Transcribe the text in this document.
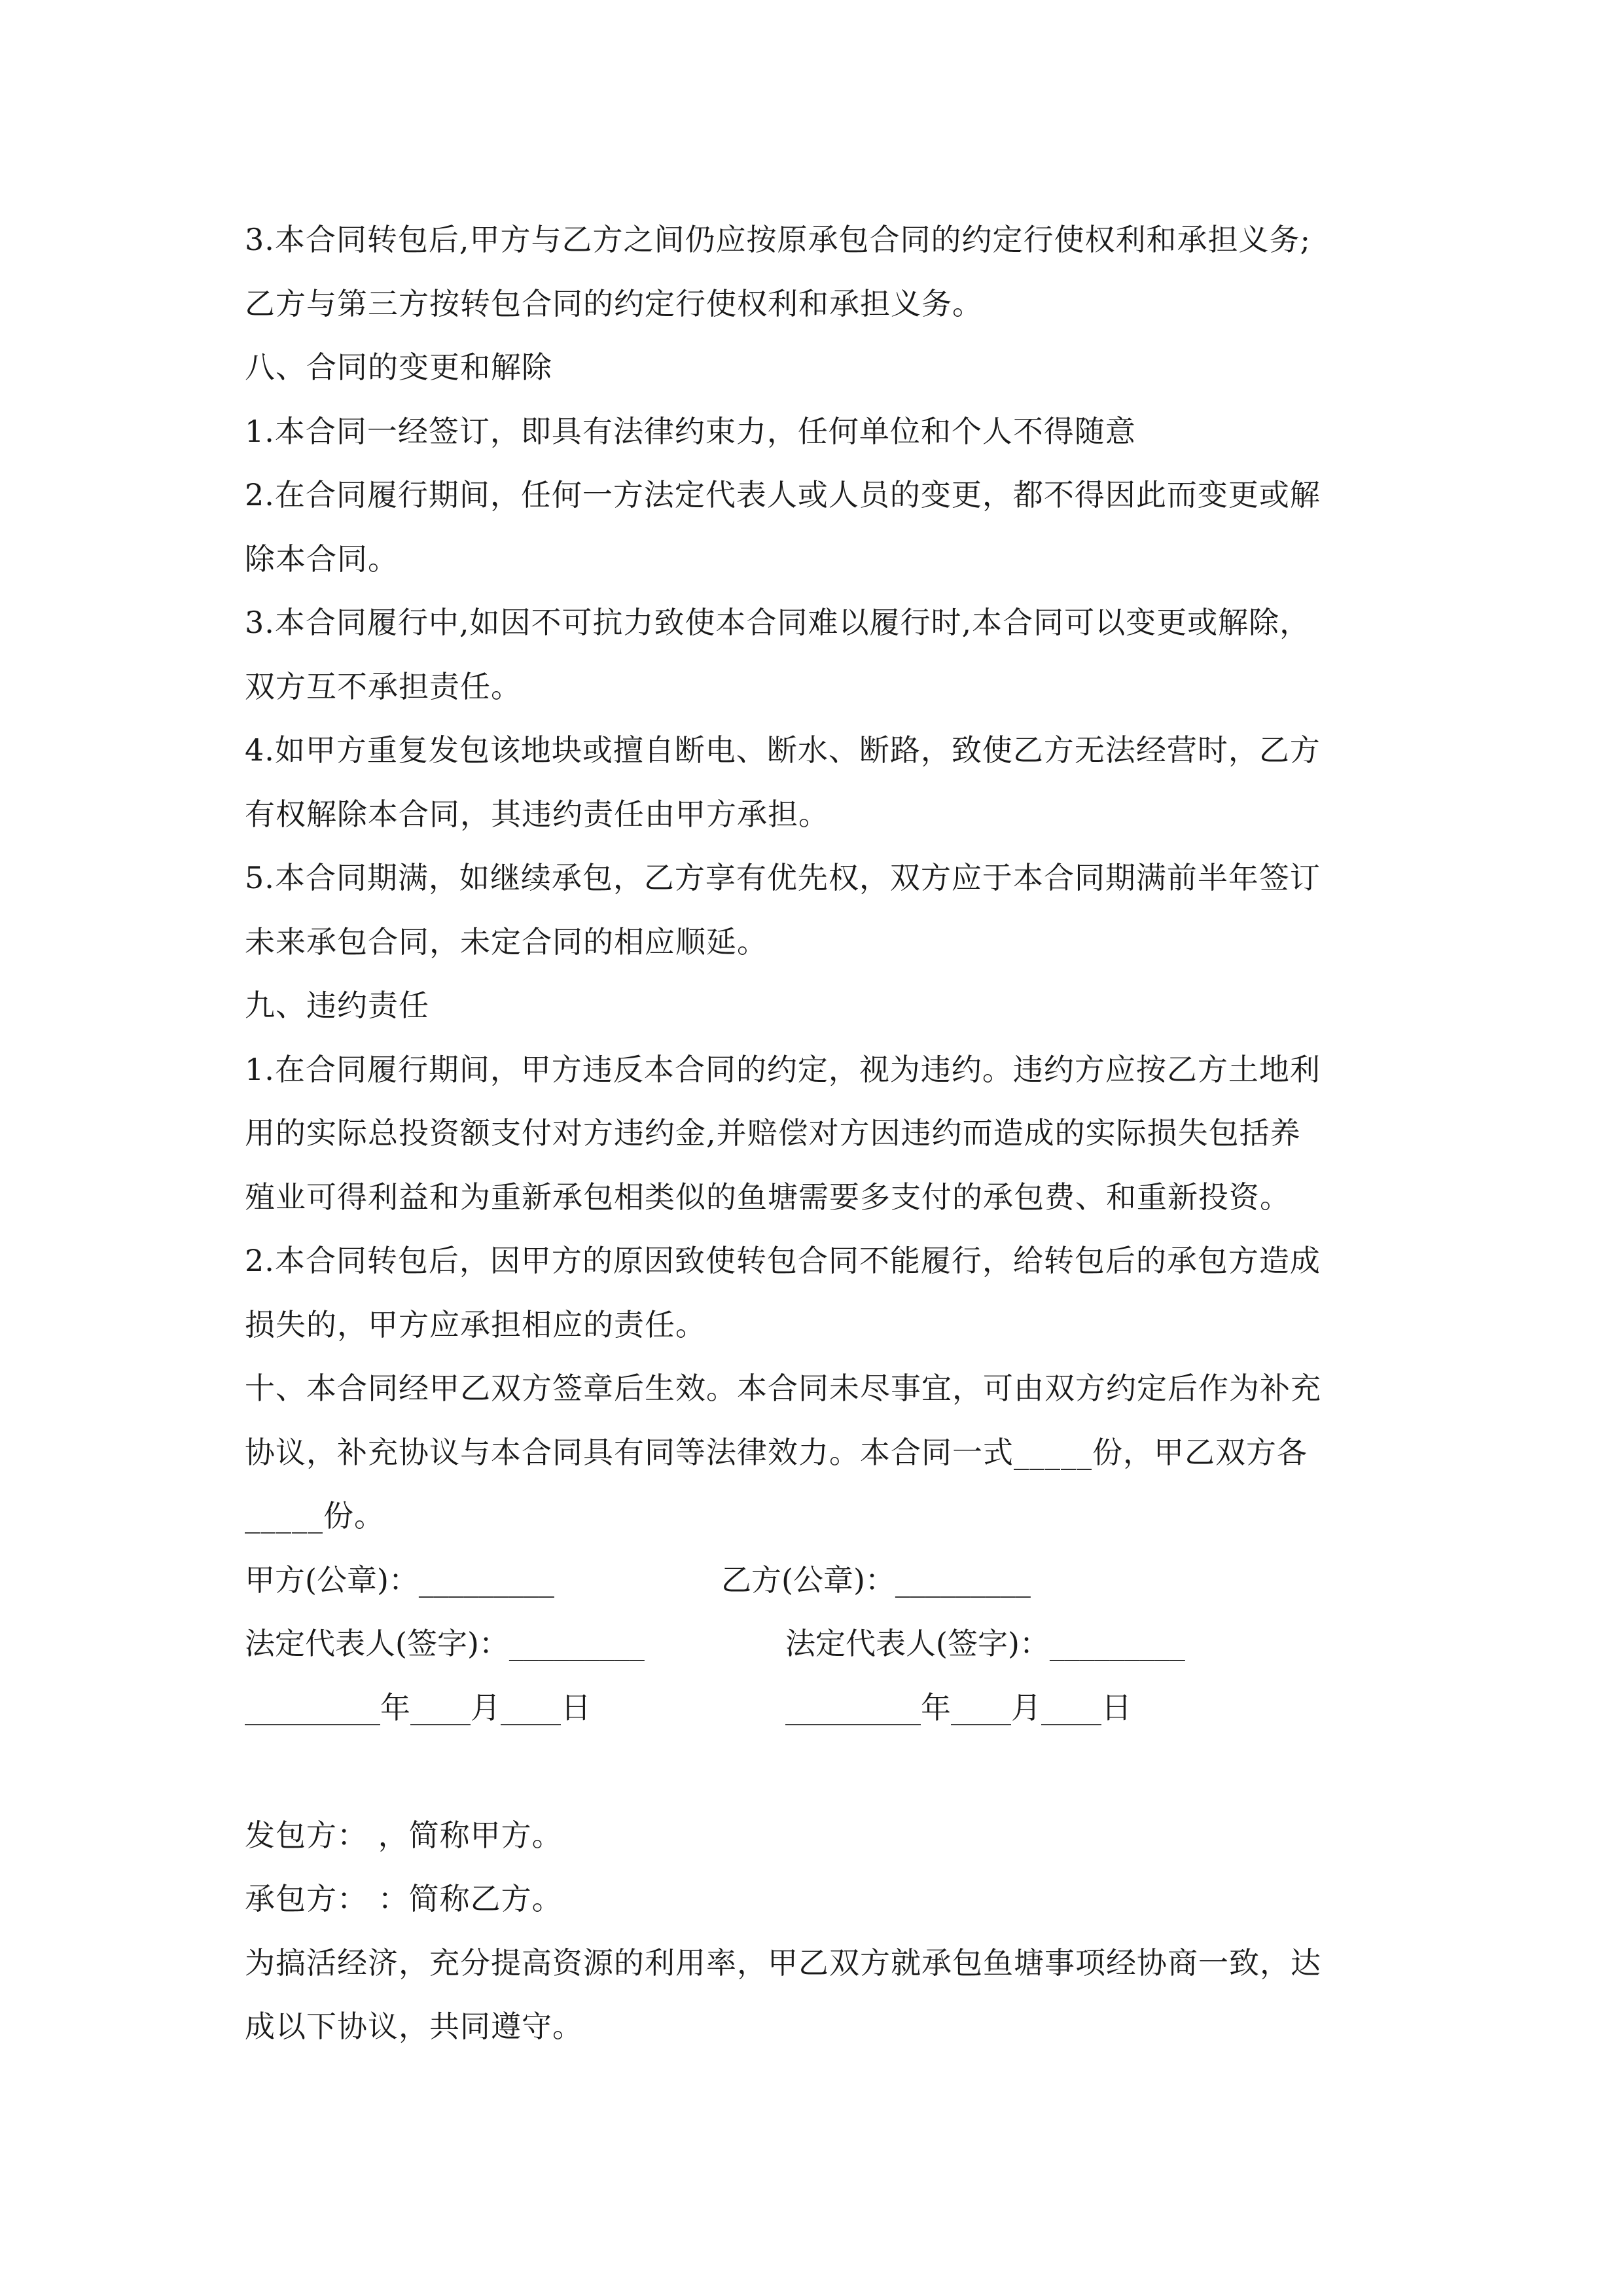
3.本合同转包后,甲方与乙方之间仍应按原承包合同的约定行使权利和承担义务;
乙方与第三方按转包合同的约定行使权利和承担义务。
八、合同的变更和解除
1.本合同一经签订，即具有法律约束力，任何单位和个人不得随意
2.在合同履行期间，任何一方法定代表人或人员的变更，都不得因此而变更或解
除本合同。
3.本合同履行中,如因不可抗力致使本合同难以履行时,本合同可以变更或解除，
双方互不承担责任。
4.如甲方重复发包该地块或擅自断电、断水、断路，致使乙方无法经营时，乙方
有权解除本合同，其违约责任由甲方承担。
5.本合同期满，如继续承包，乙方享有优先权，双方应于本合同期满前半年签订
未来承包合同，未定合同的相应顺延。
九、违约责任
1.在合同履行期间，甲方违反本合同的约定，视为违约。违约方应按乙方土地利
用的实际总投资额支付对方违约金,并赔偿对方因违约而造成的实际损失包括养
殖业可得利益和为重新承包相类似的鱼塘需要多支付的承包费、和重新投资。
2.本合同转包后，因甲方的原因致使转包合同不能履行，给转包后的承包方造成
损失的，甲方应承担相应的责任。
十、本合同经甲乙双方签章后生效。本合同未尽事宜，可由双方约定后作为补充
协议，补充协议与本合同具有同等法律效力。本合同一式_____份，甲乙双方各
_____份。
甲方(公章)：_________	乙方(公章)：_________
法定代表人(签字)：_________	法定代表人(签字)：_________
_________年____月____日	_________年____月____日
发包方： ，简称甲方。
承包方： ：简称乙方。
为搞活经济，充分提高资源的利用率，甲乙双方就承包鱼塘事项经协商一致，达
成以下协议，共同遵守。
